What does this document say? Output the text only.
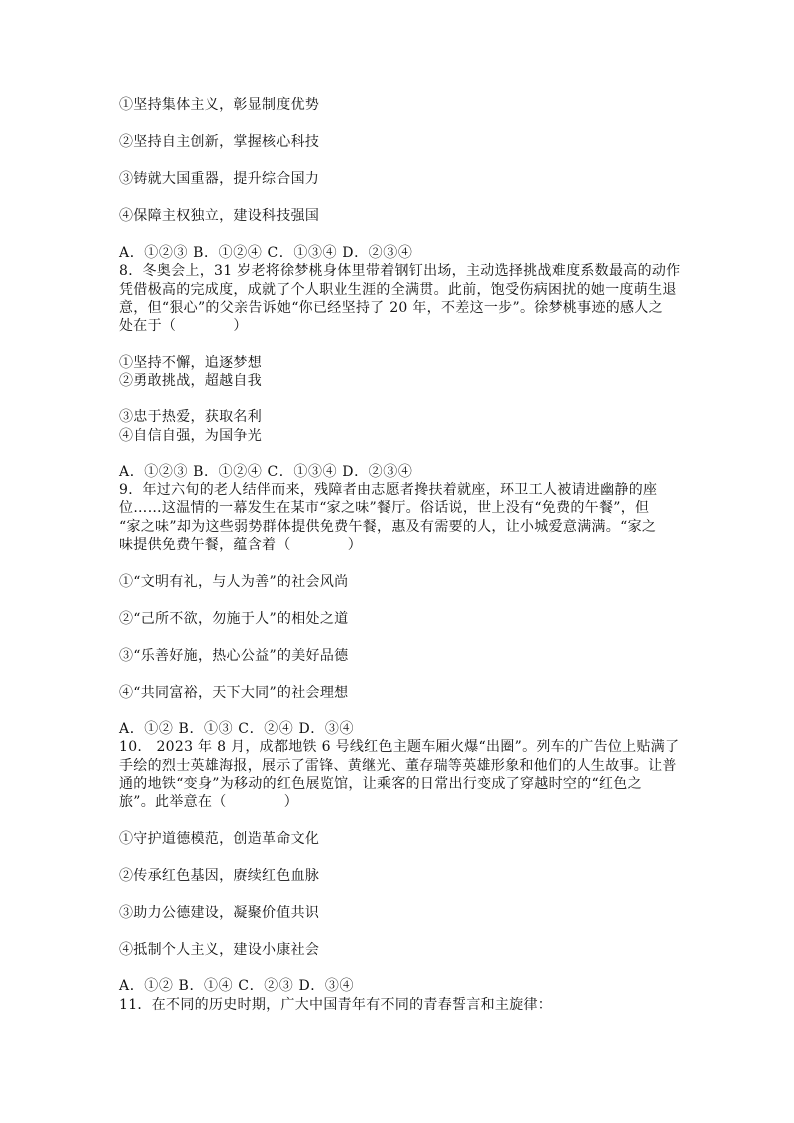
①坚持集体主义，彰显制度优势
②坚持自主创新，掌握核心科技
③铸就大国重器，提升综合国力
④保障主权独立，建设科技强国
A．①②③ B．①②④ C．①③④ D．②③④
8．冬奥会上，31 岁老将徐梦桃身体里带着钢钉出场，主动选择挑战难度系数最高的动作
凭借极高的完成度，成就了个人职业生涯的全满贯。此前，饱受伤病困扰的她一度萌生退
意，但“狠心”的父亲告诉她“你已经坚持了 20 年，不差这一步”。徐梦桃事迹的感人之
处在于（　　　　）
①坚持不懈，追逐梦想
②勇敢挑战，超越自我
③忠于热爱，获取名利
④自信自强，为国争光
A．①②③ B．①②④ C．①③④ D．②③④
9．年过六旬的老人结伴而来，残障者由志愿者搀扶着就座，环卫工人被请进幽静的座
位……这温情的一幕发生在某市“家之味”餐厅。俗话说，世上没有“免费的午餐”，但
“家之味”却为这些弱势群体提供免费午餐，惠及有需要的人，让小城爱意满满。“家之
味提供免费午餐，蕴含着（　　　　）
①“文明有礼，与人为善”的社会风尚
②“己所不欲，勿施于人”的相处之道
③“乐善好施，热心公益”的美好品德
④“共同富裕，天下大同”的社会理想
A．①② B．①③ C．②④ D．③④
10.　2023 年 8 月，成都地铁 6 号线红色主题车厢火爆“出圈”。列车的广告位上贴满了
手绘的烈士英雄海报，展示了雷锋、黄继光、董存瑞等英雄形象和他们的人生故事。让普
通的地铁“变身”为移动的红色展览馆，让乘客的日常出行变成了穿越时空的“红色之
旅”。此举意在（　　　　）
①守护道德模范，创造革命文化
②传承红色基因，赓续红色血脉
③助力公德建设，凝聚价值共识
④抵制个人主义，建设小康社会
A．①② B．①④ C．②③ D．③④
11．在不同的历史时期，广大中国青年有不同的青春誓言和主旋律：
